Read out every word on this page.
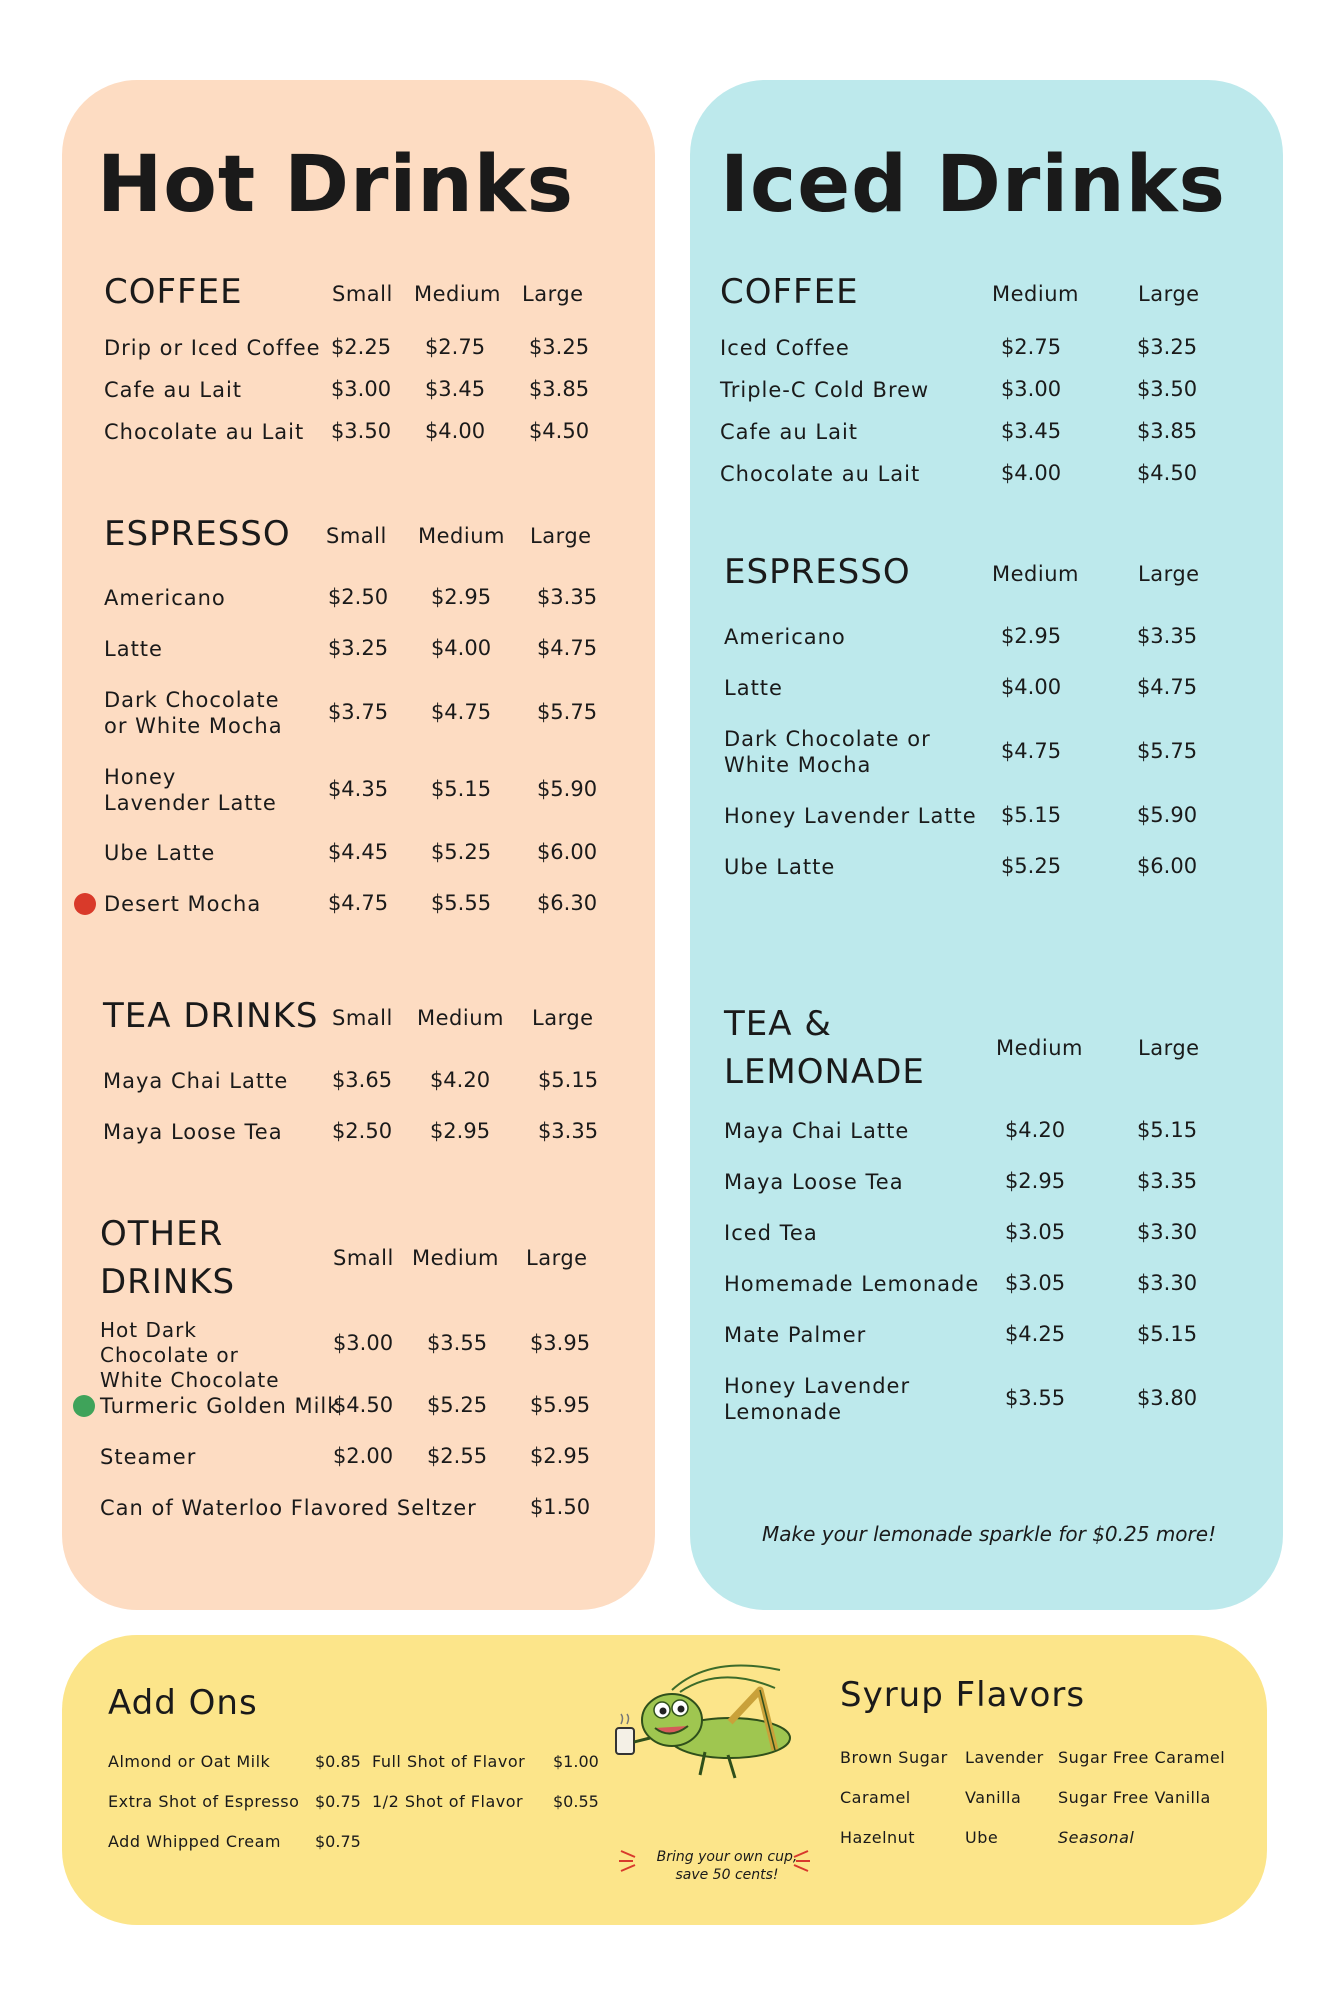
Hot Drinks
COFFEE	Small Medium Large
Drip or Iced Coffee $2.25	$2.75	$3.25
Cafe au Lait	$3.00	$3.45	$3.85
Chocolate au Lait	$3.50	$4.00	$4.50
ESPRESSO	Small Medium Large
Americano	$2.50	$2.95	$3.35
Latte	$3.25	$4.00	$4.75
Dark Chocolate or White Mocha
$3.75	$4.75	$5.75
Honey Lavender Latte
$4.35	$5.15	$5.90
Ube Latte	$4.45	$5.25	$6.00
Desert Mocha	$4.75	$5.55	$6.30
TEA DRINKS Small Medium Large
Maya Chai Latte	$3.65	$4.20	$5.15
Maya Loose Tea	$2.50	$2.95	$3.35
OTHER DRINKS
Small Medium Large
Hot Dark Chocolate or White Chocolate
$3.00	$3.55	$3.95
Turmeric Golden Milk
$4.50	$5.25	$5.95
Steamer	$2.00	$2.55	$2.95
Can of Waterloo Flavored Seltzer	$1.50
Iced Drinks
COFFEE	Medium	Large
Iced Coffee	$2.75	$3.25
Triple-C Cold Brew	$3.00	$3.50
Cafe au Lait	$3.45	$3.85
Chocolate au Lait	$4.00	$4.50
ESPRESSO	Medium	Large
Americano	$2.95	$3.35
Latte	$4.00	$4.75
Dark Chocolate or White Mocha
$4.75	$5.75
Honey Lavender Latte	$5.15	$5.90
Ube Latte	$5.25	$6.00
TEA & LEMONADE
Medium	Large
Maya Chai Latte	$4.20	$5.15
Maya Loose Tea	$2.95	$3.35
Iced Tea	$3.05	$3.30
Homemade Lemonade	$3.05	$3.30
Mate Palmer	$4.25	$5.15
Honey Lavender Lemonade
$3.55	$3.80
Make your lemonade sparkle for $0.25 more!
Add Ons
Almond or Oat Milk	$0.85
Extra Shot of Espresso $0.75
Add Whipped Cream $0.75
Full Shot of Flavor $1.00
1/2 Shot of Flavor $0.55
Bring your own cup,
save 50 cents!
Syrup Flavors
Brown Sugar
Caramel
Hazelnut
Lavender
Vanilla
Ube
Sugar Free Caramel
Sugar Free Vanilla
Seasonal
